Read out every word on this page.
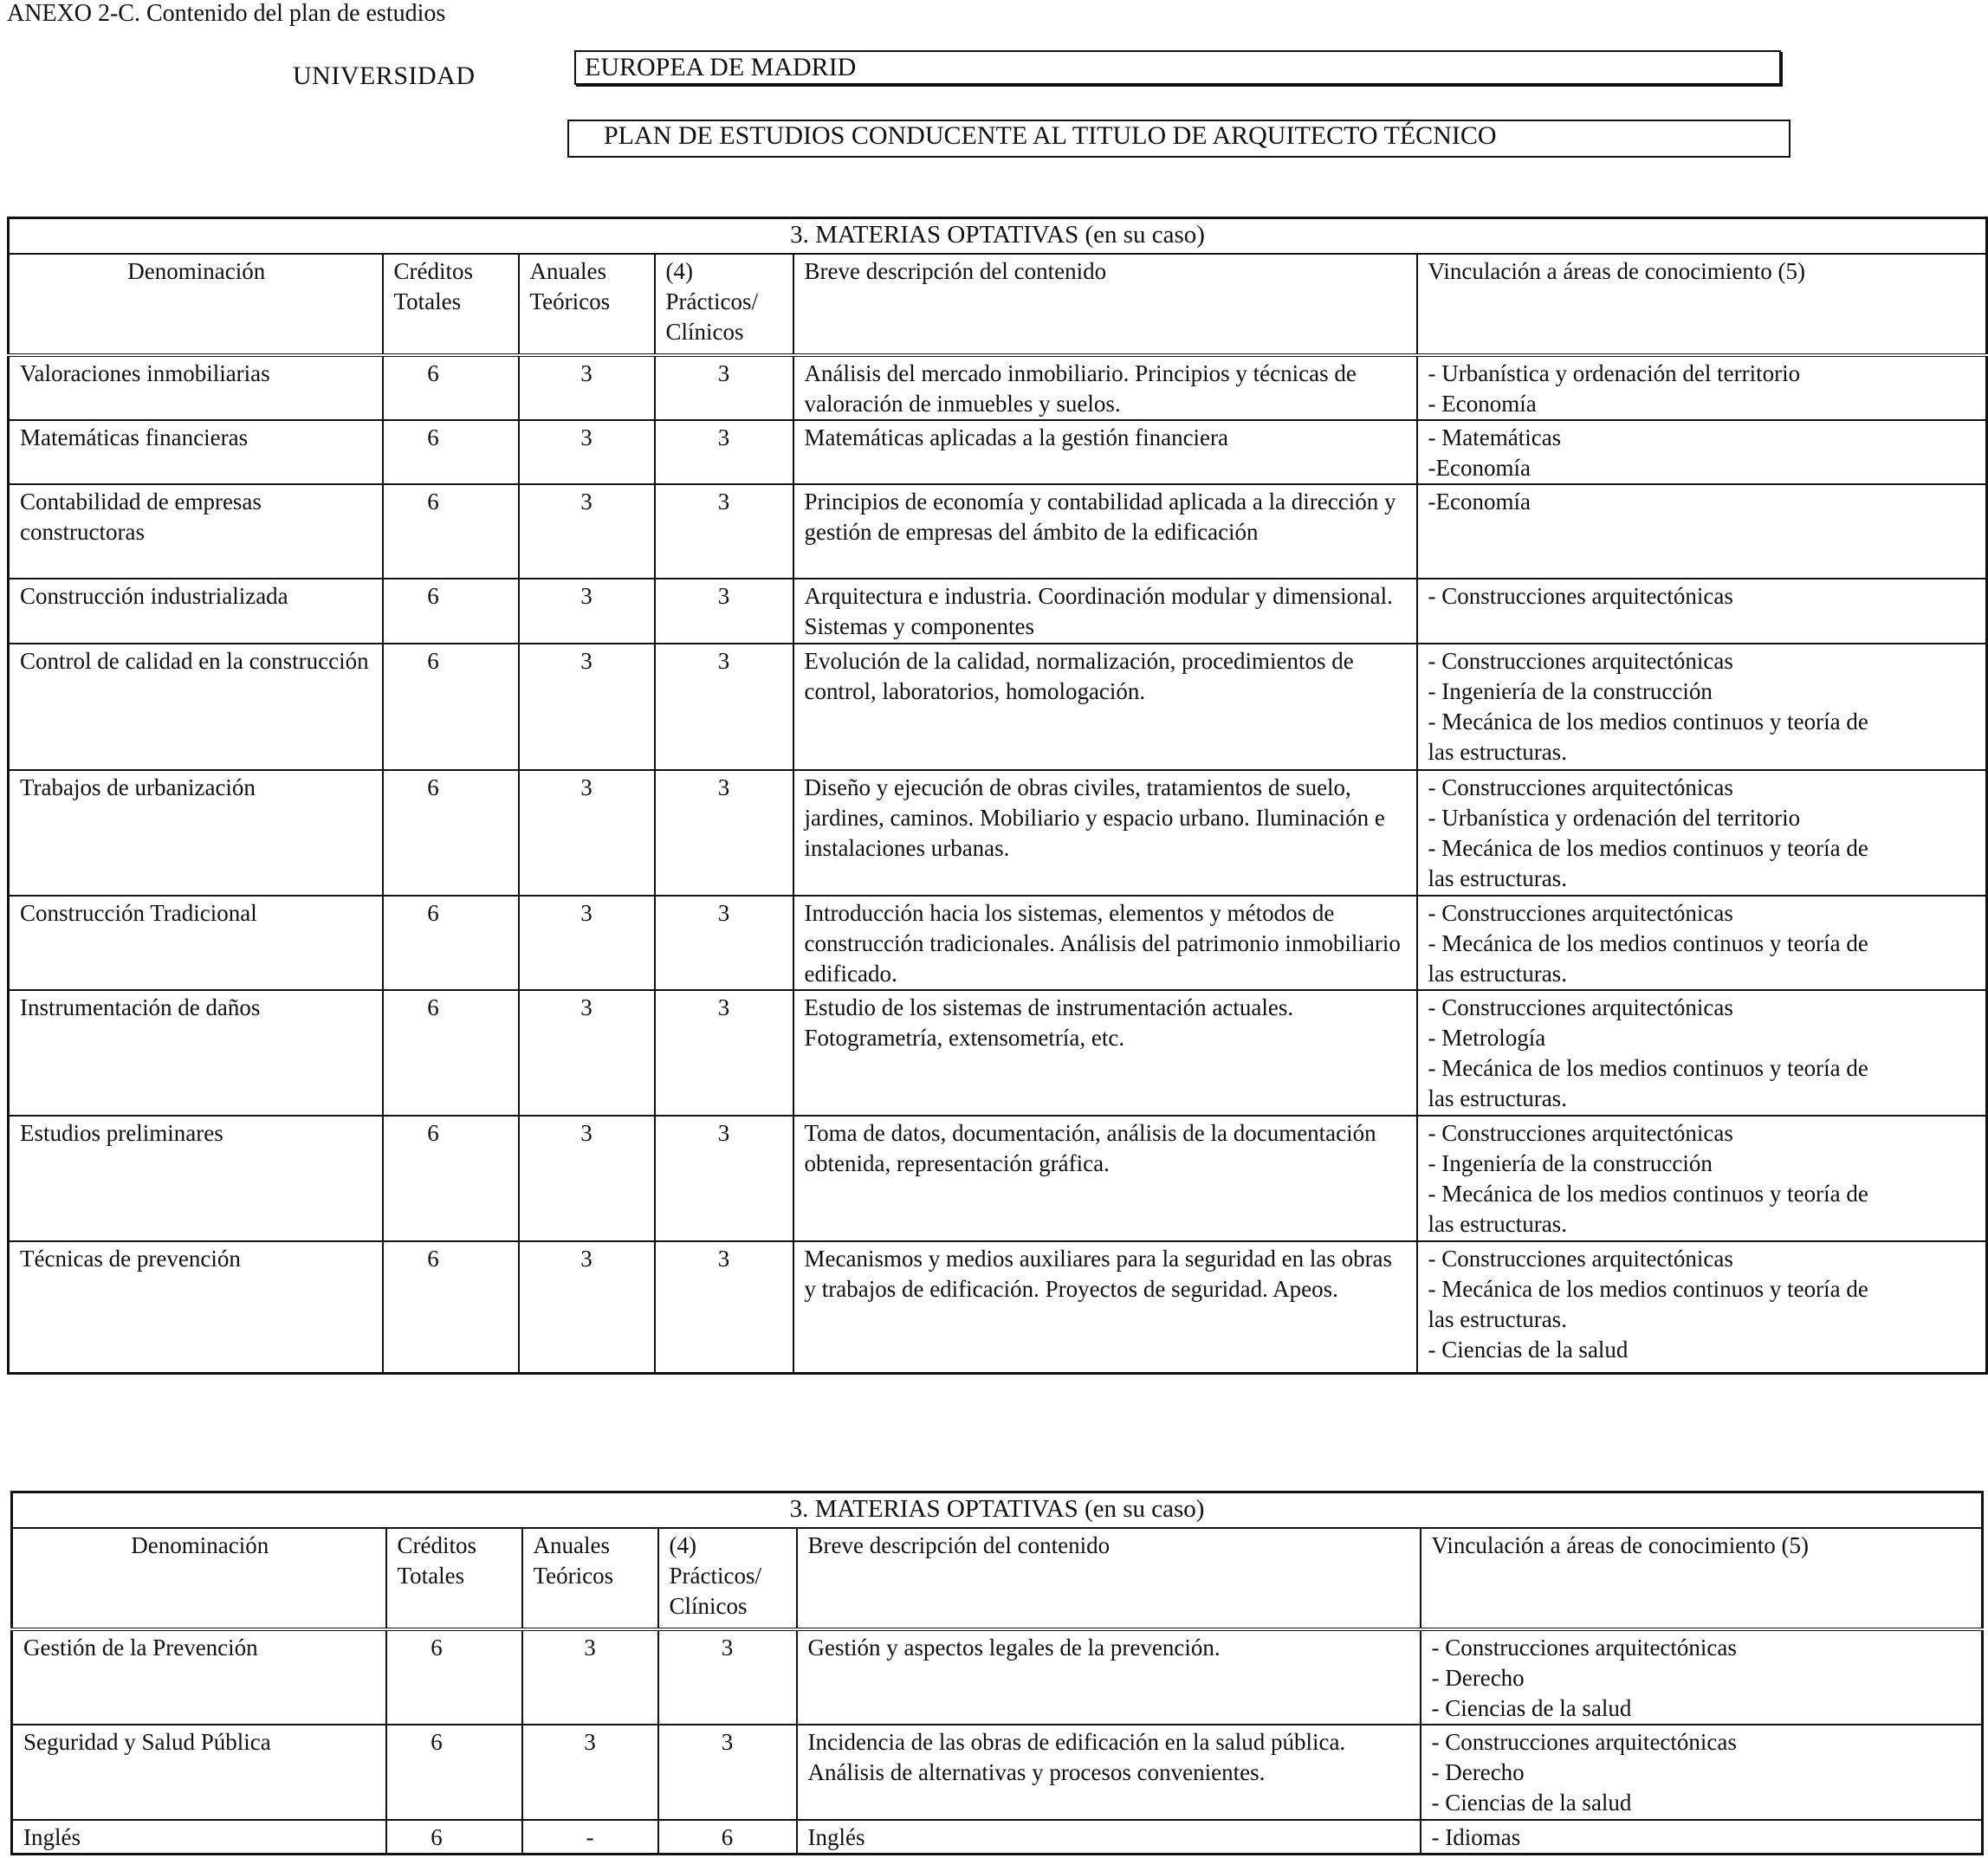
ANEXO 2-C. Contenido del plan de estudios
UNIVERSIDAD	EUROPEA DE MADRID
PLAN DE ESTUDIOS CONDUCENTE AL TITULO DE ARQUITECTO TÉCNICO
3. MATERIAS OPTATIVAS (en su caso)					
Denominación	Créditos Totales	Anuales Teóricos	(4) Prácticos/ Clínicos	Breve descripción del contenido	Vinculación a áreas de conocimiento (5)
Valoraciones inmobiliarias	6	3	3	Análisis del mercado inmobiliario. Principios y técnicas de valoración de inmuebles y suelos.	- Urbanística y ordenación del territorio
- Economía

Matemáticas financieras	6	3	3	Matemáticas aplicadas a la gestión financiera	- Matemáticas
-Economía

Contabilidad de empresas constructoras	6	3	3	Principios de economía y contabilidad aplicada a la dirección y gestión de empresas del ámbito de la edificación	-Economía

Construcción industrializada	6	3	3	Arquitectura e industria. Coordinación modular y dimensional. Sistemas y componentes	- Construcciones arquitectónicas

Control de calidad en la construcción	6	3	3	Evolución de la calidad, normalización, procedimientos de control, laboratorios, homologación.	- Construcciones arquitectónicas
- Ingeniería de la construcción
- Mecánica de los medios continuos y teoría de
las estructuras.

Trabajos de urbanización	6	3	3	Diseño y ejecución de obras civiles, tratamientos de suelo, jardines, caminos. Mobiliario y espacio urbano. Iluminación e instalaciones urbanas.	- Construcciones arquitectónicas
- Urbanística y ordenación del territorio
- Mecánica de los medios continuos y teoría de
las estructuras.

Construcción Tradicional	6	3	3	Introducción hacia los sistemas, elementos y métodos de construcción tradicionales. Análisis del patrimonio inmobiliario edificado.	- Construcciones arquitectónicas
- Mecánica de los medios continuos y teoría de
las estructuras.

Instrumentación de daños	6	3	3	Estudio de los sistemas de instrumentación actuales. Fotogrametría, extensometría, etc.	- Construcciones arquitectónicas
- Metrología
- Mecánica de los medios continuos y teoría de
las estructuras.

Estudios preliminares	6	3	3	Toma de datos, documentación, análisis de la documentación obtenida, representación gráfica.	- Construcciones arquitectónicas
- Ingeniería de la construcción
- Mecánica de los medios continuos y teoría de
las estructuras.

Técnicas de prevención	6	3	3	Mecanismos y medios auxiliares para la seguridad en las obras y trabajos de edificación. Proyectos de seguridad. Apeos.	- Construcciones arquitectónicas
- Mecánica de los medios continuos y teoría de
las estructuras.
- Ciencias de la salud
3. MATERIAS OPTATIVAS (en su caso)					
Denominación	Créditos Totales	Anuales Teóricos	(4) Prácticos/ Clínicos	Breve descripción del contenido	Vinculación a áreas de conocimiento (5)
Gestión de la Prevención	6	3	3	Gestión y aspectos legales de la prevención.	- Construcciones arquitectónicas
- Derecho
- Ciencias de la salud

Seguridad y Salud Pública	6	3	3	Incidencia de las obras de edificación en la salud pública. Análisis de alternativas y procesos convenientes.	- Construcciones arquitectónicas
- Derecho
- Ciencias de la salud

Inglés	6	-	6	Inglés	- Idiomas
